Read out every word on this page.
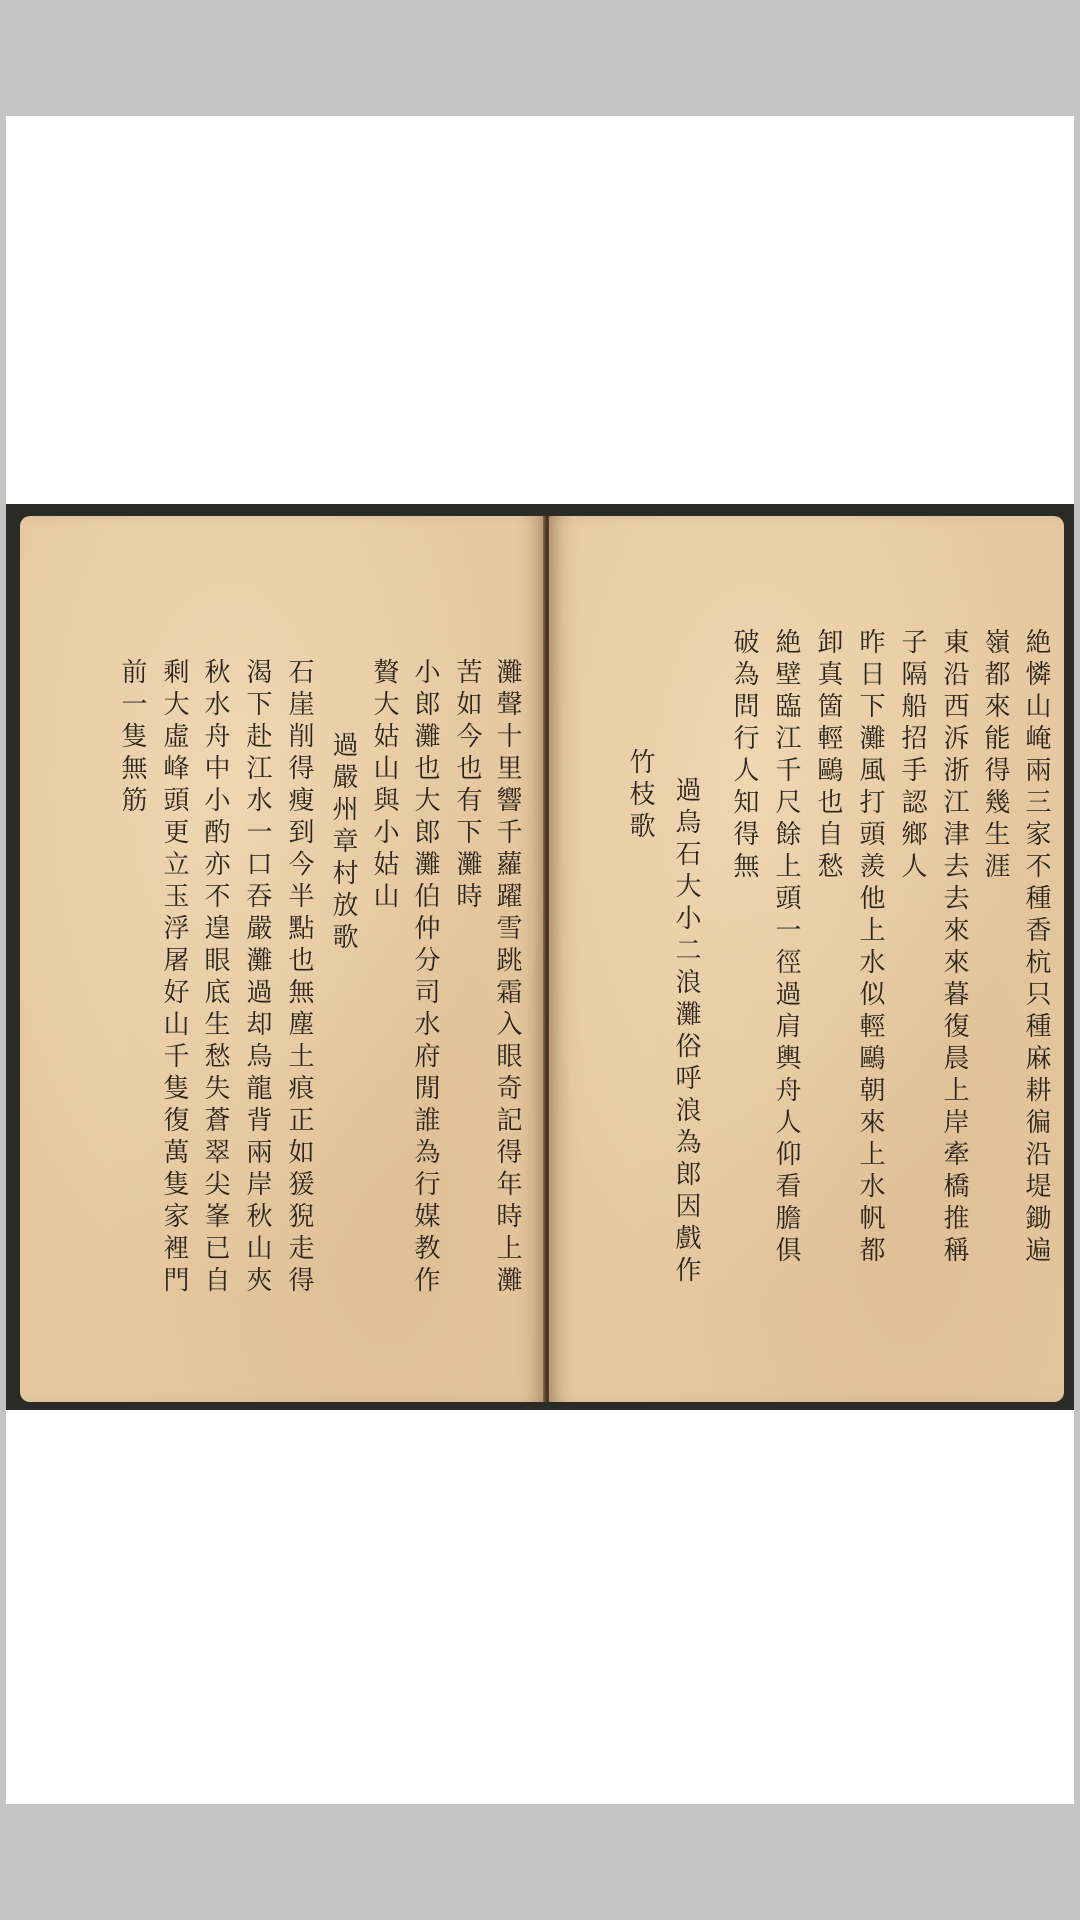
灘聲十里響千蘿躍雪跳霜入眼奇記得年時上灘
苦如今也有下灘時
小郎灘也大郎灘伯仲分司水府閒誰為行媒教作
贅大姑山與小姑山
過嚴州章村放歌
石崖削得瘦到今半點也無塵土痕正如猨猊走得
渴下赴江水一口吞嚴灘過却烏龍背兩岸秋山夾
秋水舟中小酌亦不遑眼底生愁失蒼翠尖峯已自
剩大虛峰頭更立玉浮屠好山千隻復萬隻家裡門
前一隻無筋	絶憐山崦兩三家不種香杭只種麻耕徧沿堤鋤遍
嶺都來能得幾生涯
東沿西泝浙江津去去來來暮復晨上岸牽橋推稱
子隔船招手認鄉人
昨日下灘風打頭羨他上水似輕鷗朝來上水帆都
卸真箇輕鷗也自愁
絶壁臨江千尺餘上頭一徑過肩輿舟人仰看膽俱
破為問行人知得無
過烏石大小二浪灘俗呼浪為郎因戲作
竹枝歌
